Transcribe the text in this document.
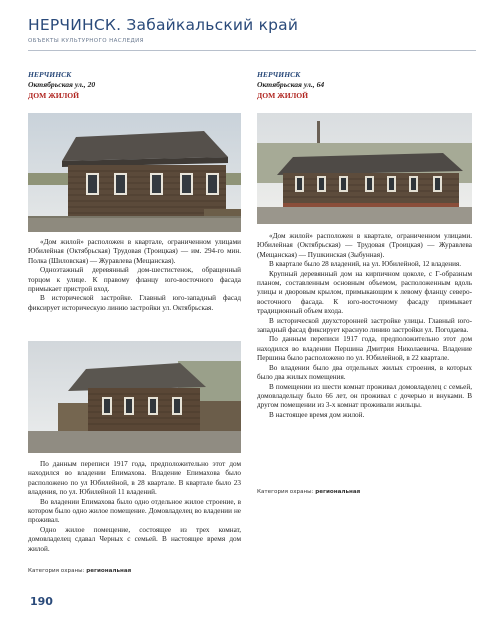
НЕРЧИНСК. Забайкальский край
ОБЪЕКТЫ КУЛЬТУРНОГО НАСЛЕДИЯ
НЕРЧИНСК
Октябрьская ул., 20
ДОМ ЖИЛОЙ

«Дом жилой» расположен в квартале, ограниченном улицами Юбилейная (Октябрьская) Трудовая (Троицкая) — им. 294-го мин. Полка (Шиловская) — Журавлева (Мещанская).

Одноэтажный деревянный дом-шестистенок, обращенный торцом к улице. К правому фланцу юго-восточного фасада примыкает пристрой вход.

В исторической застройке. Главный юго-западный фасад фиксирует историческую линию застройки ул. Октябрьская.

По данным переписи 1917 года, предположительно этот дом находился во владении Епимахова. Владение Епимахова было расположено по ул Юбилейной, в 28 квартале. В квартале было 23 владения, по ул. Юбилейной 11 владений.

Во владении Епимахова было одно отдельное жилое строение, в котором было одно жилое помещение. Домовладелец во владении не проживал.

Одно жилое помещение, состоящее из трех комнат, домовладелец сдавал Черных с семьей. В настоящее время дом жилой.

Категория охраны: региональная
НЕРЧИНСК
Октябрьская ул., 64
ДОМ ЖИЛОЙ

«Дом жилой» расположен в квартале, ограниченном улицами. Юбилейная (Октябрьская) — Трудовая (Троицкая) — Журавлева (Мещанская) — Пушкинская (Зыбунная).

В квартале было 28 владений, на ул. Юбилейной, 12 владения.

Крупный деревянный дом на кирпичном цоколе, с Г-образным планом, составленным основным объемом, расположенным вдоль улицы и дворовым крылом, примыкающим к левому фланцу северо-восточного фасада. К юго-восточному фасаду примыкает традиционный объем входа.

В исторической двухсторонней застройке улицы. Главный юго-западный фасад фиксирует красную линию застройки ул. Погодаева.

По данным переписи 1917 года, предположительно этот дом находился во владении Першина Дмитрия Николаевича. Владение Першина было расположено по ул. Юбилейной, в 22 квартале.

Во владении было два отдельных жилых строения, в которых было два жилых помещения.

В помещении из шести комнат проживал домовладелец с семьей, домовладельцу было 66 лет, он проживал с дочерью и внуками. В другом помещении из 3-х комнат проживали жильцы.

В настоящее время дом жилой.

Категория охраны: региональная
190
